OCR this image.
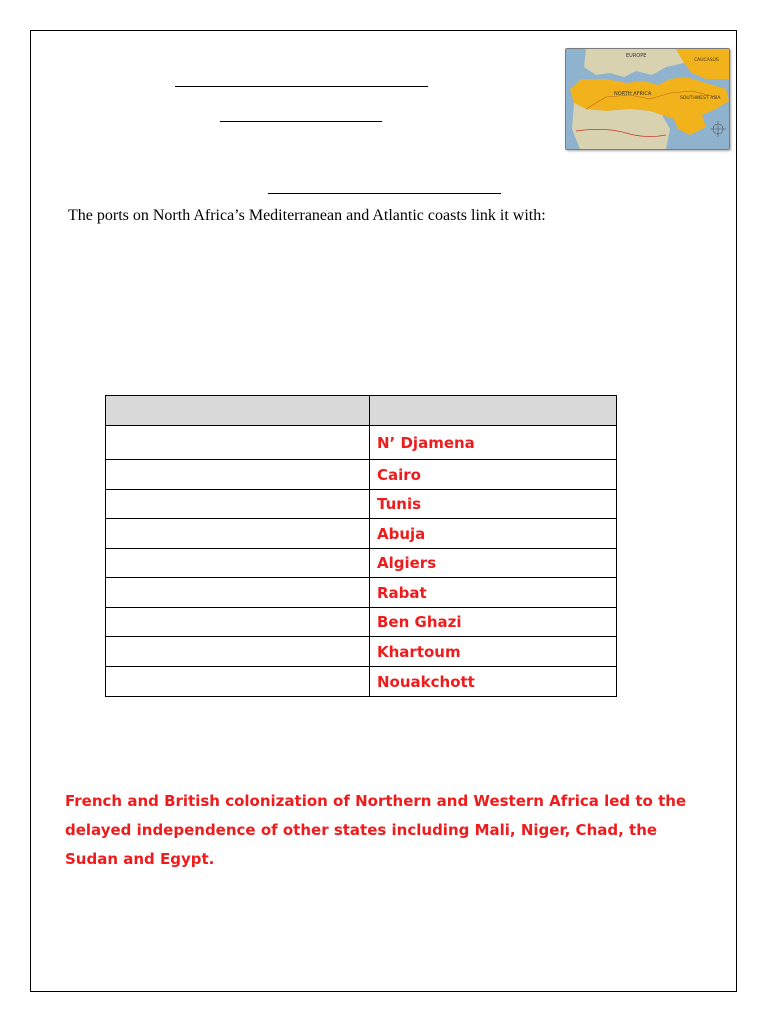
EUROPE
CAUCASUS
NORTH AFRICA
SOUTHWEST ASIA
The ports on North Africa’s Mediterranean and Atlantic coasts link it with:

	N’ Djamena
	Cairo
	Tunis
	Abuja
	Algiers
	Rabat
	Ben Ghazi
	Khartoum
	Nouakchott
French and British colonization of Northern and Western Africa led to the delayed independence of other states including Mali, Niger, Chad, the Sudan and Egypt.
